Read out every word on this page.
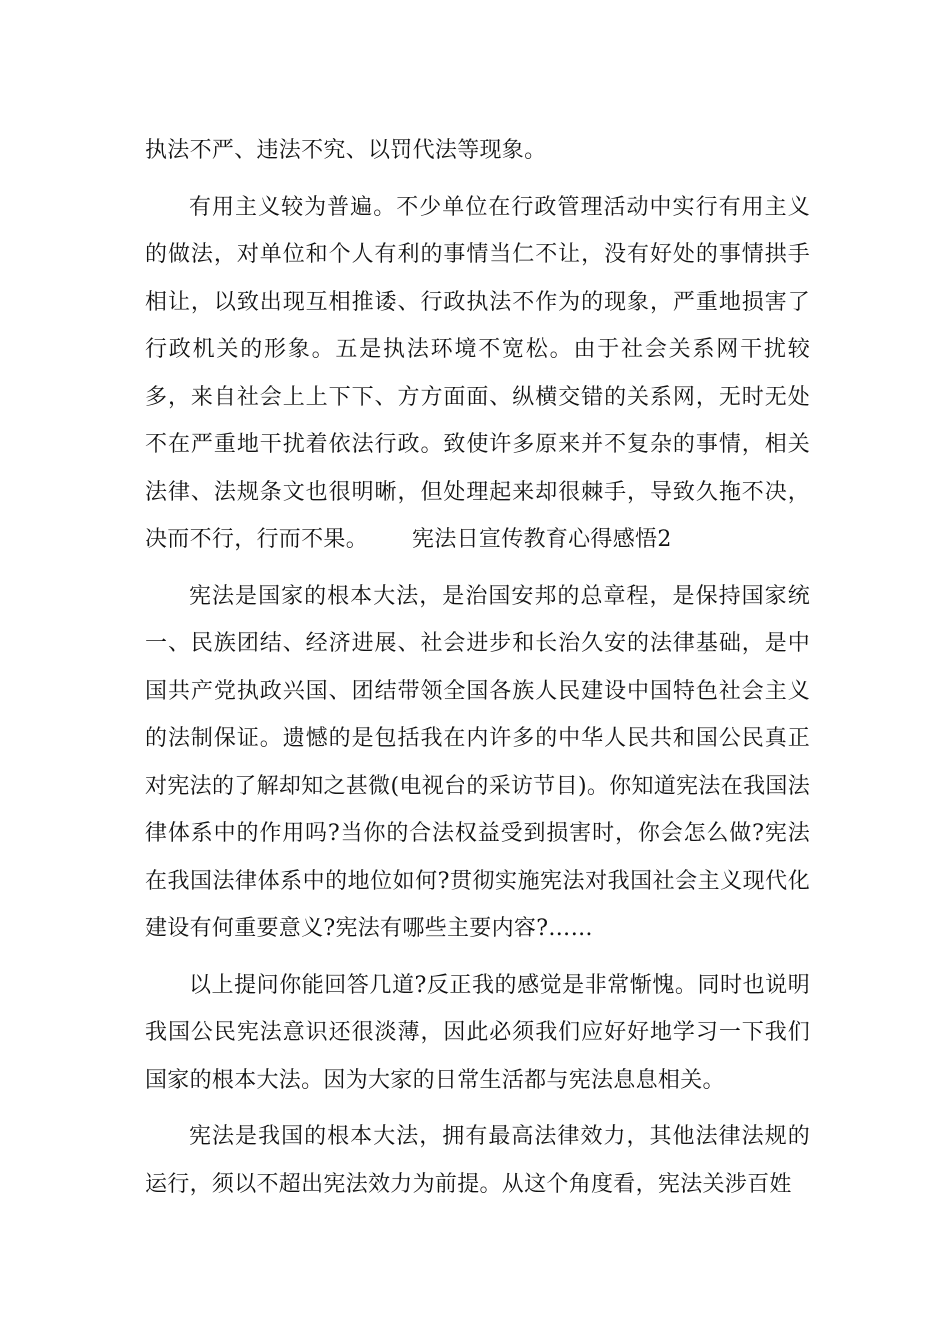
执法不严、违法不究、以罚代法等现象。

有用主义较为普遍。不少单位在行政管理活动中实行有用主义的做法，对单位和个人有利的事情当仁不让，没有好处的事情拱手相让，以致出现互相推诿、行政执法不作为的现象，严重地损害了行政机关的形象。五是执法环境不宽松。由于社会关系网干扰较多，来自社会上上下下、方方面面、纵横交错的关系网，无时无处不在严重地干扰着依法行政。致使许多原来并不复杂的事情，相关法律、法规条文也很明晰，但处理起来却很棘手，导致久拖不决，决而不行，行而不果。 宪法日宣传教育心得感悟2

宪法是国家的根本大法，是治国安邦的总章程，是保持国家统一、民族团结、经济进展、社会进步和长治久安的法律基础，是中国共产党执政兴国、团结带领全国各族人民建设中国特色社会主义的法制保证。遗憾的是包括我在内许多的中华人民共和国公民真正对宪法的了解却知之甚微(电视台的采访节目)。你知道宪法在我国法律体系中的作用吗?当你的合法权益受到损害时，你会怎么做?宪法在我国法律体系中的地位如何?贯彻实施宪法对我国社会主义现代化建设有何重要意义?宪法有哪些主要内容?……

以上提问你能回答几道?反正我的感觉是非常惭愧。同时也说明我国公民宪法意识还很淡薄，因此必须我们应好好地学习一下我们国家的根本大法。因为大家的日常生活都与宪法息息相关。

宪法是我国的根本大法，拥有最高法律效力，其他法律法规的运行，须以不超出宪法效力为前提。从这个角度看，宪法关涉百姓
